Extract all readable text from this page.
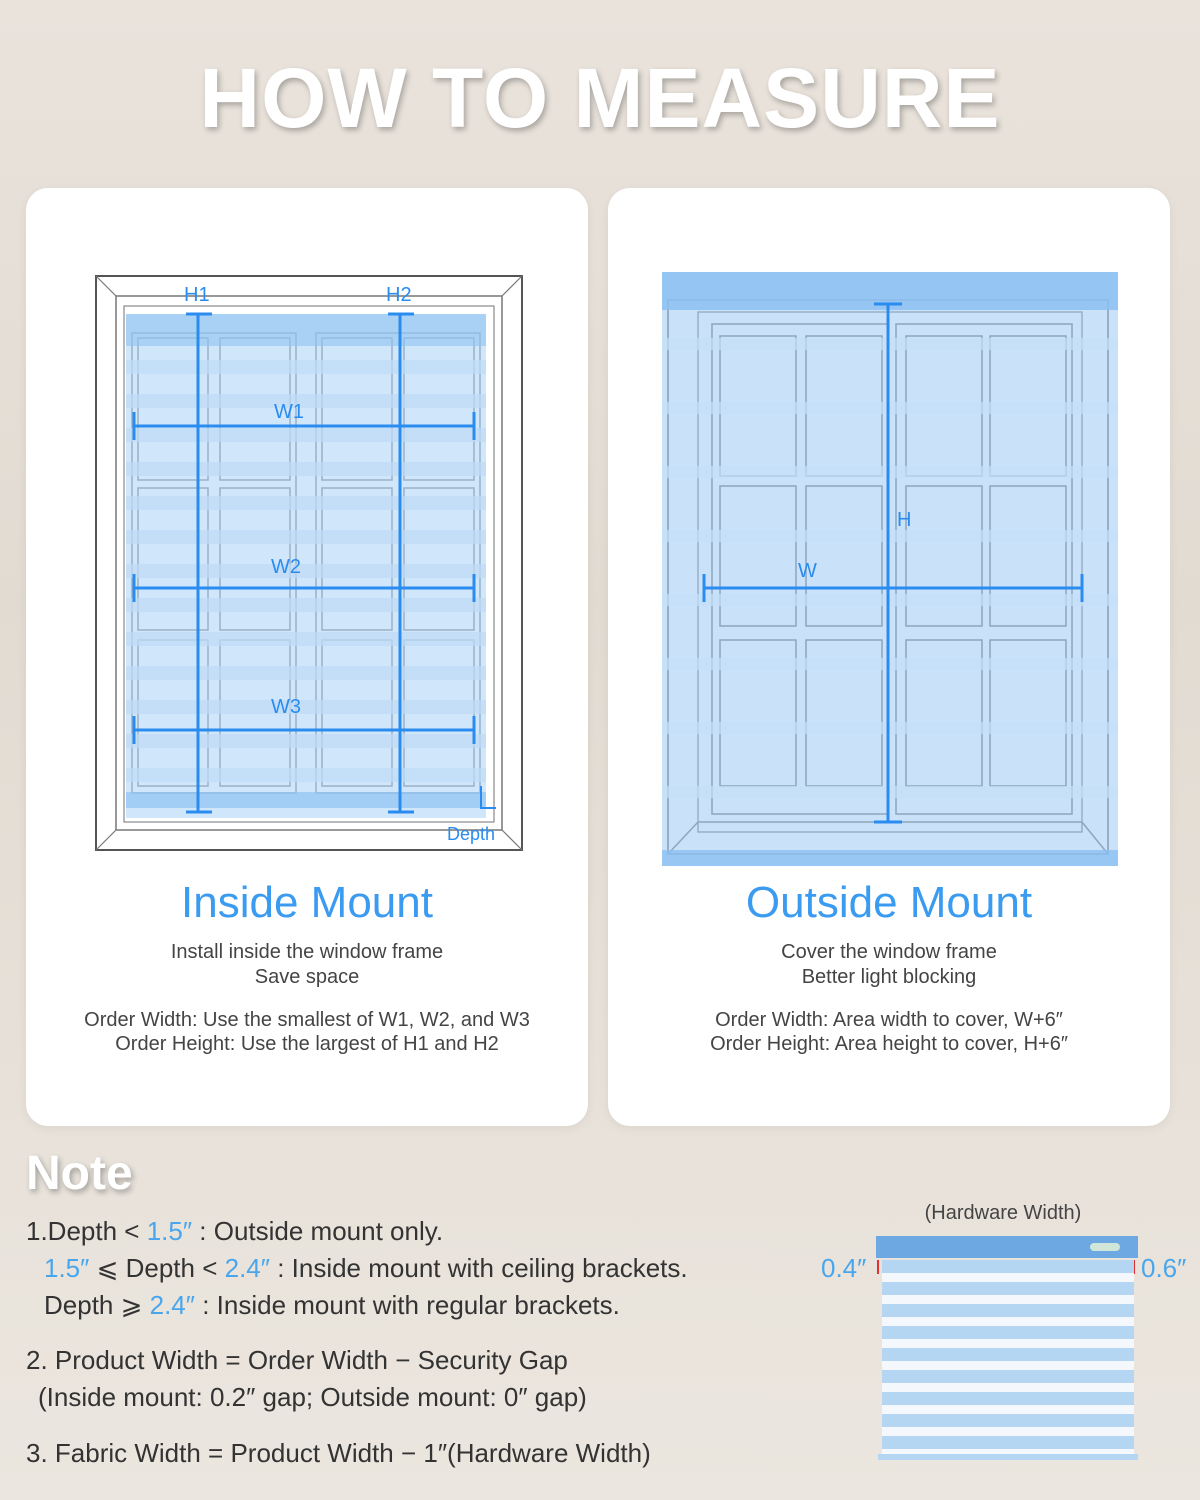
HOW TO MEASURE
H1	H2
W1
W2
W3
Depth
Inside Mount
Install inside the window frame
Save space
Order Width: Use the smallest of W1, W2, and W3
Order Height: Use the largest of H1 and H2
H
W
Outside Mount
Cover the window frame
Better light blocking
Order Width: Area width to cover, W+6″
Order Height: Area height to cover, H+6″
Note
1.Depth < 1.5″ : Outside mount only.
1.5″ ⩽ Depth < 2.4″ : Inside mount with ceiling brackets.
Depth ⩾ 2.4″ : Inside mount with regular brackets.
2. Product Width = Order Width − Security Gap
(Inside mount: 0.2″ gap; Outside mount: 0″ gap)
3. Fabric Width = Product Width − 1″(Hardware Width)
(Hardware Width)
0.4″	0.6″
